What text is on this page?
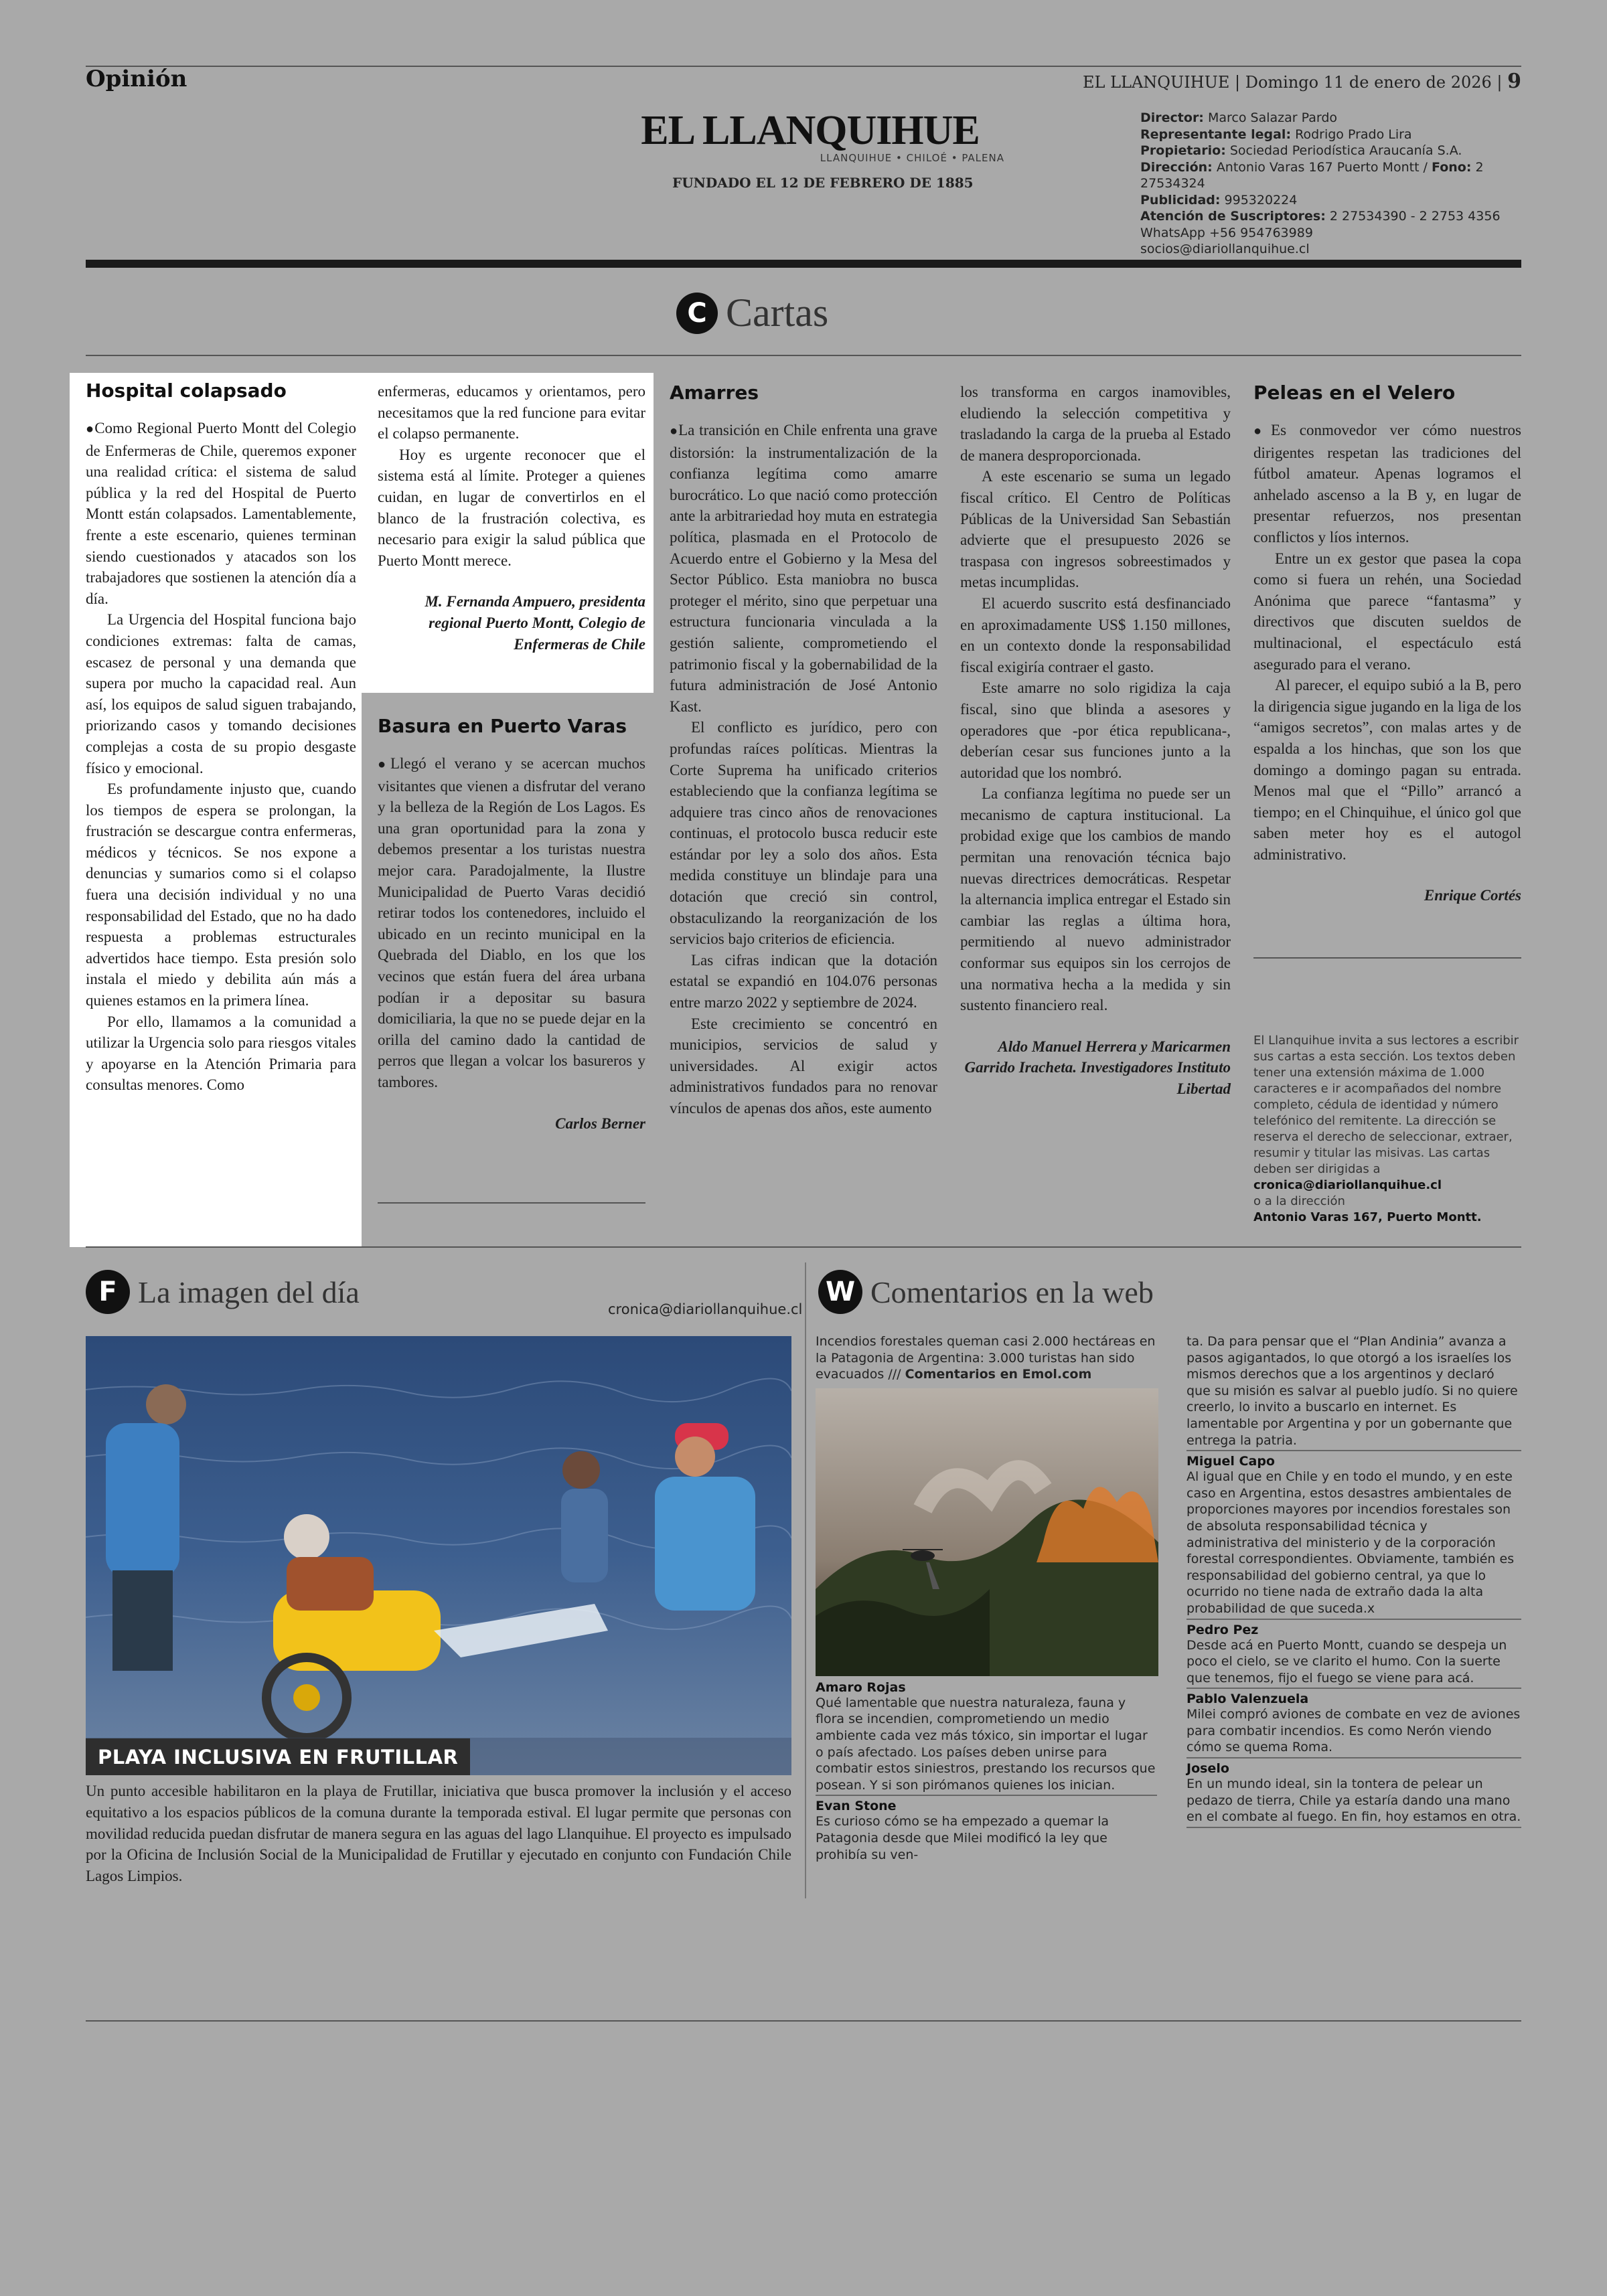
Opinión	EL LLANQUIHUE | Domingo 11 de enero de 2026 | 9
EL LLANQUIHUE
LLANQUIHUE • CHILOÉ • PALENA
FUNDADO EL 12 DE FEBRERO DE 1885
Director: Marco Salazar Pardo
Representante legal: Rodrigo Prado Lira
Propietario: Sociedad Periodística Araucanía S.A.
Dirección: Antonio Varas 167 Puerto Montt / Fono: 2 27534324
Publicidad: 995320224
Atención de Suscriptores: 2 27534390 - 2 2753 4356
WhatsApp +56 954763989
socios@diariollanquihue.cl
C Cartas

Hospital colapsado

● Como Regional Puerto Montt del Colegio de Enfermeras de Chile, queremos exponer una realidad crítica: el sistema de salud pública y la red del Hospital de Puerto Montt están colapsados. Lamentablemente, frente a este escenario, quienes terminan siendo cuestionados y atacados son los trabajadores que sostienen la atención día a día.

La Urgencia del Hospital funciona bajo condiciones extremas: falta de camas, escasez de personal y una demanda que supera por mucho la capacidad real. Aun así, los equipos de salud siguen trabajando, priorizando casos y tomando decisiones complejas a costa de su propio desgaste físico y emocional.

Es profundamente injusto que, cuando los tiempos de espera se prolongan, la frustración se descargue contra enfermeras, médicos y técnicos. Se nos expone a denuncias y sumarios como si el colapso fuera una decisión individual y no una responsabilidad del Estado, que no ha dado respuesta a problemas estructurales advertidos hace tiempo. Esta presión solo instala el miedo y debilita aún más a quienes estamos en la primera línea.

Por ello, llamamos a la comunidad a utilizar la Urgencia solo para riesgos vitales y apoyarse en la Atención Primaria para consultas menores. Como

enfermeras, educamos y orientamos, pero necesitamos que la red funcione para evitar el colapso permanente.

Hoy es urgente reconocer que el sistema está al límite. Proteger a quienes cuidan, en lugar de convertirlos en el blanco de la frustración colectiva, es necesario para exigir la salud pública que Puerto Montt merece.

M. Fernanda Ampuero, presidenta regional Puerto Montt, Colegio de Enfermeras de Chile

Basura en Puerto Varas

● Llegó el verano y se acercan muchos visitantes que vienen a disfrutar del verano y la belleza de la Región de Los Lagos. Es una gran oportunidad para la zona y debemos presentar a los turistas nuestra mejor cara. Paradojalmente, la Ilustre Municipalidad de Puerto Varas decidió retirar todos los contenedores, incluido el ubicado en un recinto municipal en la Quebrada del Diablo, en los que los vecinos que están fuera del área urbana podían ir a depositar su basura domiciliaria, la que no se puede dejar en la orilla del camino dado la cantidad de perros que llegan a volcar los basureros y tambores.

Carlos Berner

Amarres

● La transición en Chile enfrenta una grave distorsión: la instrumentalización de la confianza legítima como amarre burocrático. Lo que nació como protección ante la arbitrariedad hoy muta en estrategia política, plasmada en el Protocolo de Acuerdo entre el Gobierno y la Mesa del Sector Público. Esta maniobra no busca proteger el mérito, sino que perpetuar una estructura funcionaria vinculada a la gestión saliente, comprometiendo el patrimonio fiscal y la gobernabilidad de la futura administración de José Antonio Kast.

El conflicto es jurídico, pero con profundas raíces políticas. Mientras la Corte Suprema ha unificado criterios estableciendo que la confianza legítima se adquiere tras cinco años de renovaciones continuas, el protocolo busca reducir este estándar por ley a solo dos años. Esta medida constituye un blindaje para una dotación que creció sin control, obstaculizando la reorganización de los servicios bajo criterios de eficiencia.

Las cifras indican que la dotación estatal se expandió en 104.076 personas entre marzo 2022 y septiembre de 2024.

Este crecimiento se concentró en municipios, servicios de salud y universidades. Al exigir actos administrativos fundados para no renovar vínculos de apenas dos años, este aumento

los transforma en cargos inamovibles, eludiendo la selección competitiva y trasladando la carga de la prueba al Estado de manera desproporcionada.

A este escenario se suma un legado fiscal crítico. El Centro de Políticas Públicas de la Universidad San Sebastián advierte que el presupuesto 2026 se traspasa con ingresos sobreestimados y metas incumplidas.

El acuerdo suscrito está desfinanciado en aproximadamente US$ 1.150 millones, en un contexto donde la responsabilidad fiscal exigiría contraer el gasto.

Este amarre no solo rigidiza la caja fiscal, sino que blinda a asesores y operadores que -por ética republicana-, deberían cesar sus funciones junto a la autoridad que los nombró.

La confianza legítima no puede ser un mecanismo de captura institucional. La probidad exige que los cambios de mando permitan una renovación técnica bajo nuevas directrices democráticas. Respetar la alternancia implica entregar el Estado sin cambiar las reglas a última hora, permitiendo al nuevo administrador conformar sus equipos sin los cerrojos de una normativa hecha a la medida y sin sustento financiero real.

Aldo Manuel Herrera y Maricarmen Garrido Iracheta. Investigadores Instituto Libertad

Peleas en el Velero

● Es conmovedor ver cómo nuestros dirigentes respetan las tradiciones del fútbol amateur. Apenas logramos el anhelado ascenso a la B y, en lugar de presentar refuerzos, nos presentan conflictos y líos internos.

Entre un ex gestor que pasea la copa como si fuera un rehén, una Sociedad Anónima que parece “fantasma” y directivos que discuten sueldos de multinacional, el espectáculo está asegurado para el verano.

Al parecer, el equipo subió a la B, pero la dirigencia sigue jugando en la liga de los “amigos secretos”, con malas artes y de espalda a los hinchas, que son los que domingo a domingo pagan su entrada. Menos mal que el “Pillo” arrancó a tiempo; en el Chinquihue, el único gol que saben meter hoy es el autogol administrativo.

Enrique Cortés

El Llanquihue invita a sus lectores a escribir sus cartas a esta sección. Los textos deben tener una extensión máxima de 1.000 caracteres e ir acompañados del nombre completo, cédula de identidad y número telefónico del remitente. La dirección se reserva el derecho de seleccionar, extraer, resumir y titular las misivas. Las cartas deben ser dirigidas a
cronica@diariollanquihue.cl
o a la dirección
Antonio Varas 167, Puerto Montt.
F La imagen del día
cronica@diariollanquihue.cl
PLAYA INCLUSIVA EN FRUTILLAR
Un punto accesible habilitaron en la playa de Frutillar, iniciativa que busca promover la inclusión y el acceso equitativo a los espacios públicos de la comuna durante la temporada estival. El lugar permite que personas con movilidad reducida puedan disfrutar de manera segura en las aguas del lago Llanquihue. El proyecto es impulsado por la Oficina de Inclusión Social de la Municipalidad de Frutillar y ejecutado en conjunto con Fundación Chile Lagos Limpios.
W Comentarios en la web
Incendios forestales queman casi 2.000 hectáreas en la Patagonia de Argentina: 3.000 turistas han sido evacuados /// Comentarios en Emol.com
Amaro Rojas
Qué lamentable que nuestra naturaleza, fauna y flora se incendien, comprometiendo un medio ambiente cada vez más tóxico, sin importar el lugar o país afectado. Los países deben unirse para combatir estos siniestros, prestando los recursos que posean. Y si son pirómanos quienes los inician.
Evan Stone
Es curioso cómo se ha empezado a quemar la Patagonia desde que Milei modificó la ley que prohibía su ven-
ta. Da para pensar que el “Plan Andinia” avanza a pasos agigantados, lo que otorgó a los israelíes los mismos derechos que a los argentinos y declaró que su misión es salvar al pueblo judío. Si no quiere creerlo, lo invito a buscarlo en internet. Es lamentable por Argentina y por un gobernante que entrega la patria.
Miguel Capo
Al igual que en Chile y en todo el mundo, y en este caso en Argentina, estos desastres ambientales de proporciones mayores por incendios forestales son de absoluta responsabilidad técnica y administrativa del ministerio y de la corporación forestal correspondientes. Obviamente, también es responsabilidad del gobierno central, ya que lo ocurrido no tiene nada de extraño dada la alta probabilidad de que suceda.x
Pedro Pez
Desde acá en Puerto Montt, cuando se despeja un poco el cielo, se ve clarito el humo. Con la suerte que tenemos, fijo el fuego se viene para acá.
Pablo Valenzuela
Milei compró aviones de combate en vez de aviones para combatir incendios. Es como Nerón viendo cómo se quema Roma.
Joselo
En un mundo ideal, sin la tontera de pelear un pedazo de tierra, Chile ya estaría dando una mano en el combate al fuego. En fin, hoy estamos en otra.
